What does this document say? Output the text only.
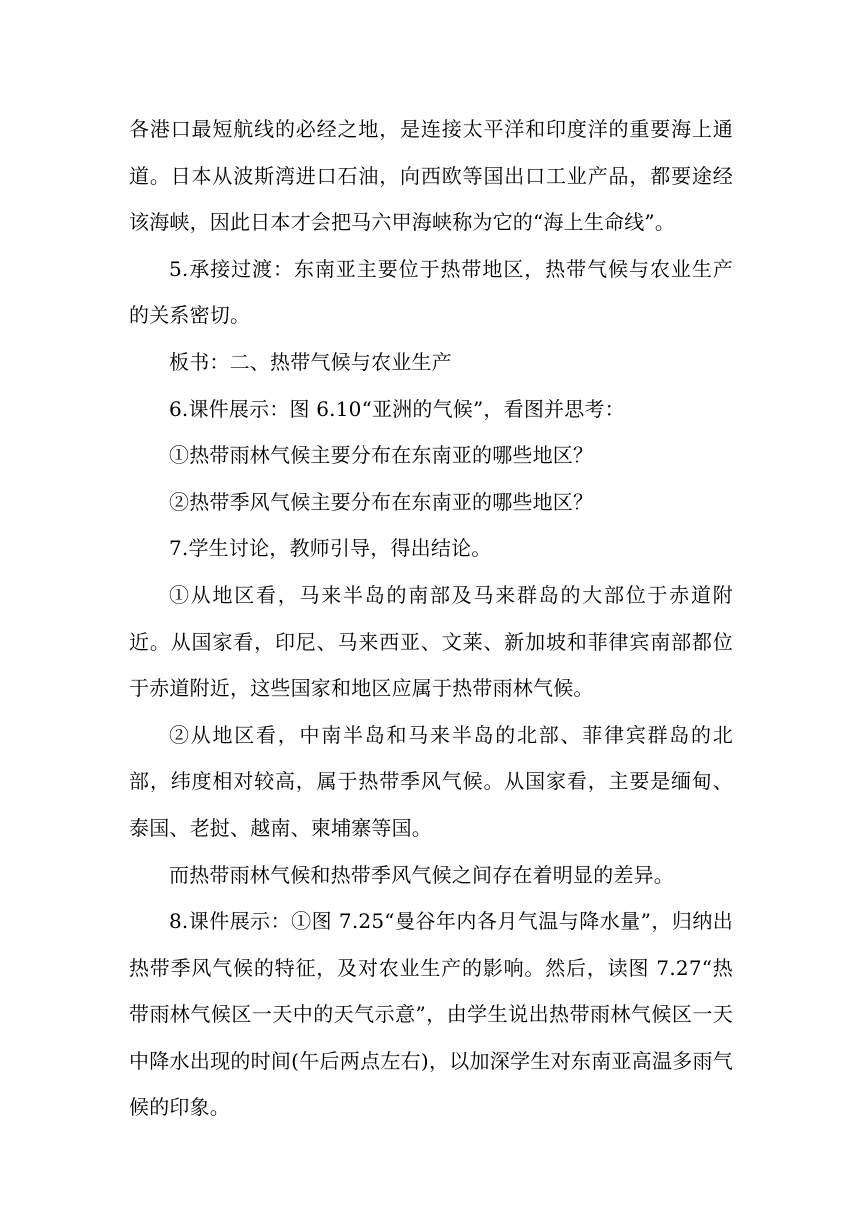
各港口最短航线的必经之地，是连接太平洋和印度洋的重要海上通道。日本从波斯湾进口石油，向西欧等国出口工业产品，都要途经该海峡，因此日本才会把马六甲海峡称为它的“海上生命线”。

5.承接过渡：东南亚主要位于热带地区，热带气候与农业生产的关系密切。

板书：二、热带气候与农业生产

6.课件展示：图 6.10“亚洲的气候”，看图并思考：

①热带雨林气候主要分布在东南亚的哪些地区？

②热带季风气候主要分布在东南亚的哪些地区？

7.学生讨论，教师引导，得出结论。

①从地区看，马来半岛的南部及马来群岛的大部位于赤道附近。从国家看，印尼、马来西亚、文莱、新加坡和菲律宾南部都位于赤道附近，这些国家和地区应属于热带雨林气候。

②从地区看，中南半岛和马来半岛的北部、菲律宾群岛的北部，纬度相对较高，属于热带季风气候。从国家看，主要是缅甸、泰国、老挝、越南、柬埔寨等国。

而热带雨林气候和热带季风气候之间存在着明显的差异。

8.课件展示：①图 7.25“曼谷年内各月气温与降水量”，归纳出热带季风气候的特征，及对农业生产的影响。然后，读图 7.27“热带雨林气候区一天中的天气示意”，由学生说出热带雨林气候区一天中降水出现的时间(午后两点左右)，以加深学生对东南亚高温多雨气候的印象。
